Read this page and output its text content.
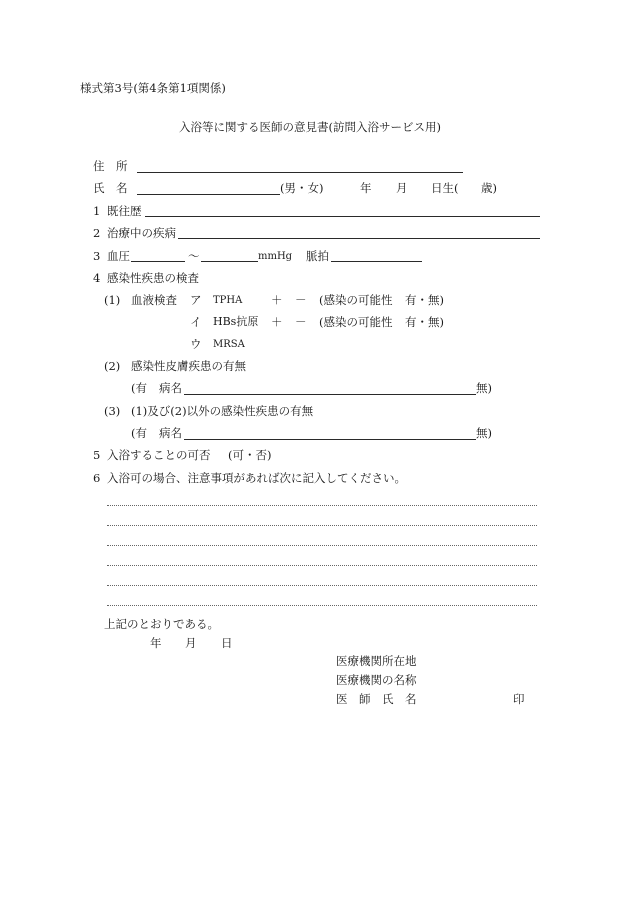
様式第3号(第4条第1項関係)
入浴等に関する医師の意見書(訪問入浴サービス用)
住　所
氏　名	(男・女)	年 月 日生( 歳)
1 既往歴
2 治療中の疾病
3 血圧	～	mmHg 脈拍
4 感染性疾患の検査
(1) 血液検査 ア TPHA ＋ － (感染の可能性 有・無)
イ HBs抗原 ＋ － (感染の可能性 有・無)
ウ MRSA
(2) 感染性皮膚疾患の有無
(有 病名	無)
(3) (1)及び(2)以外の感染性疾患の有無
(有 病名	無)
5 入浴することの可否 (可・否)
6 入浴可の場合、注意事項があれば次に記入してください。
上記のとおりである。
年 月 日
医療機関所在地
医療機関の名称
医　師　氏　名	印
